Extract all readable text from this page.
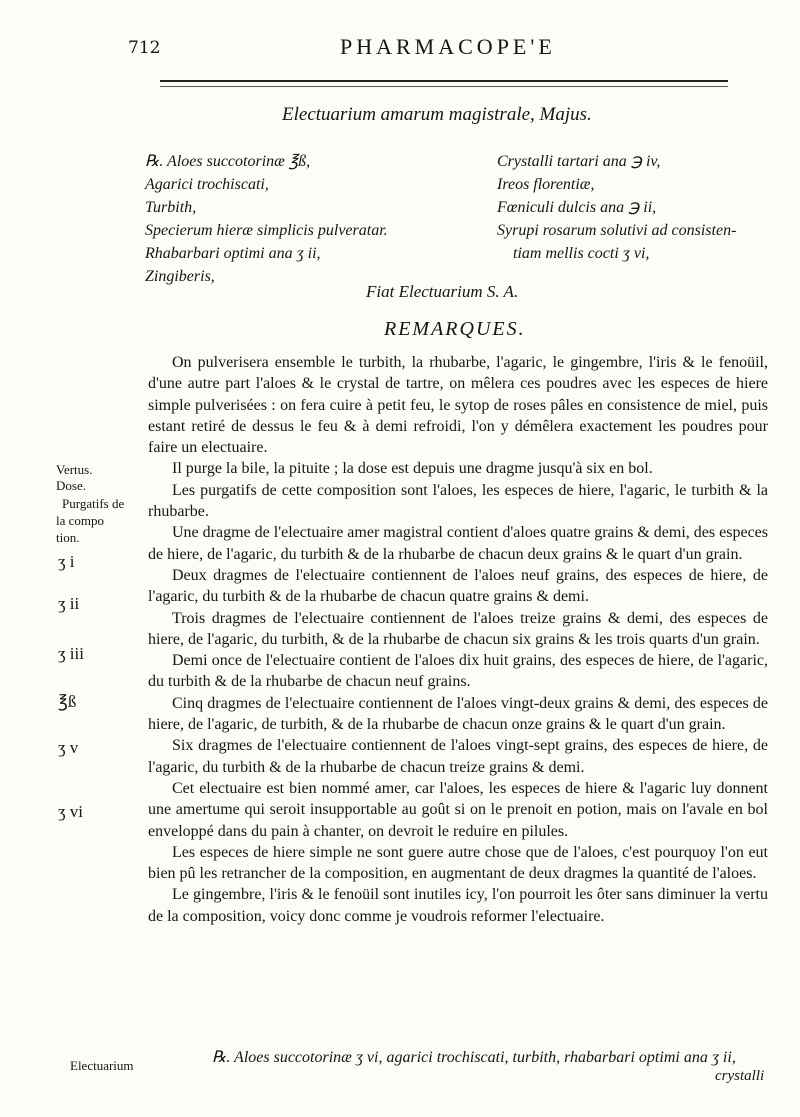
712	PHARMACOPE'E
Electuarium amarum magistrale, Majus.
℞. Aloes succotorinæ ℥ß,
Agarici trochiscati,
Turbith,
Specierum hieræ simplicis pulveratar.
Rhabarbari optimi ana ʒ ii,
Zingiberis,
Crystalli tartari ana ℈ iv,
Ireos florentiæ,
Fœniculi dulcis ana ℈ ii,
Syrupi rosarum solutivi ad consisten-
tiam mellis cocti ʒ vi,
Fiat Electuarium S. A.
REMARQUES.

On pulverisera ensemble le turbith, la rhubarbe, l'agaric, le gingembre, l'iris & le fenoüil, d'une autre part l'aloes & le crystal de tartre, on mêlera ces poudres avec les especes de hiere simple pulverisées : on fera cuire à petit feu, le sytop de roses pâles en consistence de miel, puis estant retiré de dessus le feu & à demi refroidi, l'on y démêlera exactement les poudres pour faire un electuaire.

Il purge la bile, la pituite ; la dose est depuis une dragme jusqu'à six en bol.

Les purgatifs de cette composition sont l'aloes, les especes de hiere, l'agaric, le turbith & la rhubarbe.

Une dragme de l'electuaire amer magistral contient d'aloes quatre grains & demi, des especes de hiere, de l'agaric, du turbith & de la rhubarbe de chacun deux grains & le quart d'un grain.

Deux dragmes de l'electuaire contiennent de l'aloes neuf grains, des especes de hiere, de l'agaric, du turbith & de la rhubarbe de chacun quatre grains & demi.

Trois dragmes de l'electuaire contiennent de l'aloes treize grains & demi, des especes de hiere, de l'agaric, du turbith, & de la rhubarbe de chacun six grains & les trois quarts d'un grain.

Demi once de l'electuaire contient de l'aloes dix huit grains, des especes de hiere, de l'agaric, du turbith & de la rhubarbe de chacun neuf grains.

Cinq dragmes de l'electuaire contiennent de l'aloes vingt-deux grains & demi, des especes de hiere, de l'agaric, de turbith, & de la rhubarbe de chacun onze grains & le quart d'un grain.

Six dragmes de l'electuaire contiennent de l'aloes vingt-sept grains, des especes de hiere, de l'agaric, du turbith & de la rhubarbe de chacun treize grains & demi.

Cet electuaire est bien nommé amer, car l'aloes, les especes de hiere & l'agaric luy donnent une amertume qui seroit insupportable au goût si on le prenoit en potion, mais on l'avale en bol enveloppé dans du pain à chanter, on devroit le reduire en pilules.

Les especes de hiere simple ne sont guere autre chose que de l'aloes, c'est pourquoy l'on eut bien pû les retrancher de la composition, en augmentant de deux dragmes la quantité de l'aloes.

Le gingembre, l'iris & le fenoüil sont inutiles icy, l'on pourroit les ôter sans diminuer la vertu de la composition, voicy donc comme je voudrois reformer l'electuaire.

Vertus.
Dose.
Purgatifs de
la compo
tion.
ʒ i
ʒ ii
ʒ iii
℥ß
ʒ v
ʒ vi
℞. Aloes succotorinæ ʒ vi, agarici trochiscati, turbith, rhabarbari optimi ana ʒ ii,
crystalli
Electuarium
